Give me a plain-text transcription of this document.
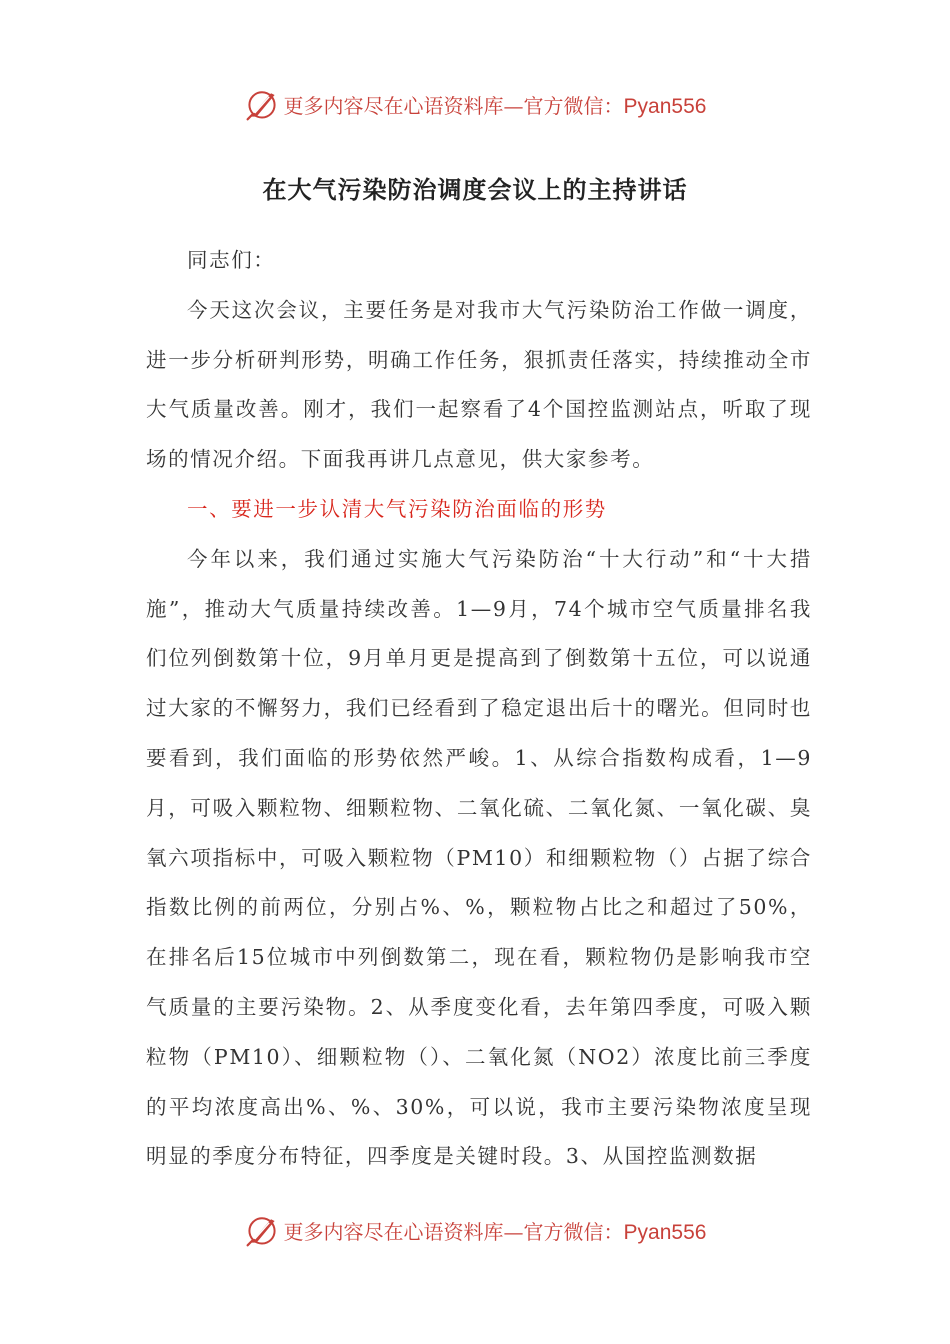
更多内容尽在心语资料库—官方微信：Pyan556
在大气污染防治调度会议上的主持讲话

同志们：

今天这次会议，主要任务是对我市大气污染防治工作做一调度，进一步分析研判形势，明确工作任务，狠抓责任落实，持续推动全市大气质量改善。刚才，我们一起察看了4个国控监测站点，听取了现场的情况介绍。下面我再讲几点意见，供大家参考。

一、要进一步认清大气污染防治面临的形势

今年以来，我们通过实施大气污染防治“十大行动”和“十大措施”，推动大气质量持续改善。1—9月，74个城市空气质量排名我们位列倒数第十位，9月单月更是提高到了倒数第十五位，可以说通过大家的不懈努力，我们已经看到了稳定退出后十的曙光。但同时也要看到，我们面临的形势依然严峻。1、从综合指数构成看，1—9月，可吸入颗粒物、细颗粒物、二氧化硫、二氧化氮、一氧化碳、臭氧六项指标中，可吸入颗粒物（PM10）和细颗粒物（）占据了综合指数比例的前两位，分别占%、%，颗粒物占比之和超过了50%，在排名后15位城市中列倒数第二，现在看，颗粒物仍是影响我市空气质量的主要污染物。2、从季度变化看，去年第四季度，可吸入颗粒物（PM10）、细颗粒物（）、二氧化氮（NO2）浓度比前三季度的平均浓度高出%、%、30%，可以说，我市主要污染物浓度呈现明显的季度分布特征，四季度是关键时段。3、从国控监测数据

更多内容尽在心语资料库—官方微信：Pyan556
